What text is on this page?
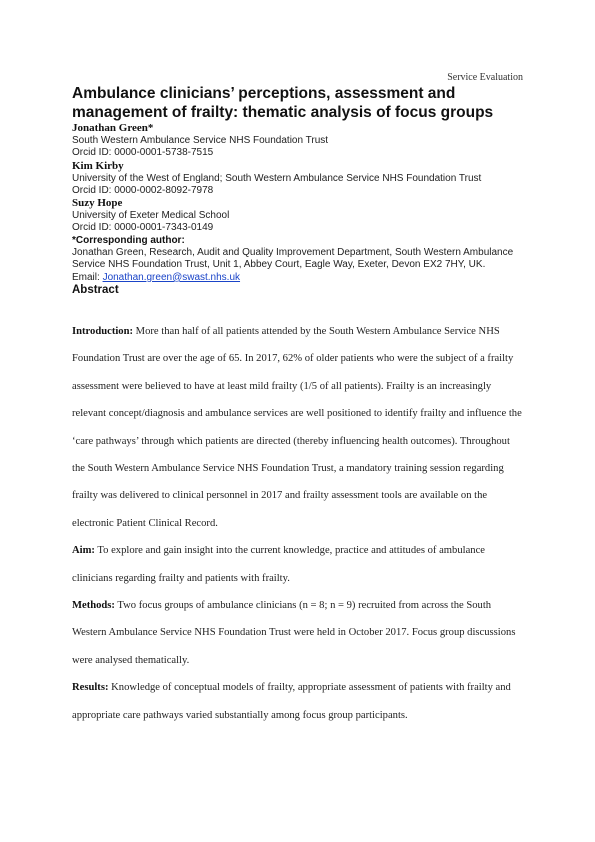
Service Evaluation
Ambulance clinicians’ perceptions, assessment and management of frailty: thematic analysis of focus groups
Jonathan Green*
South Western Ambulance Service NHS Foundation Trust
Orcid ID: 0000-0001-5738-7515
Kim Kirby
University of the West of England; South Western Ambulance Service NHS Foundation Trust
Orcid ID: 0000-0002-8092-7978
Suzy Hope
University of Exeter Medical School
Orcid ID: 0000-0001-7343-0149
*Corresponding author:
Jonathan Green, Research, Audit and Quality Improvement Department, South Western Ambulance Service NHS Foundation Trust, Unit 1, Abbey Court, Eagle Way, Exeter, Devon EX2 7HY, UK.
Email: Jonathan.green@swast.nhs.uk
Abstract

Introduction: More than half of all patients attended by the South Western Ambulance Service NHS Foundation Trust are over the age of 65. In 2017, 62% of older patients who were the subject of a frailty assessment were believed to have at least mild frailty (1/5 of all patients). Frailty is an increasingly relevant concept/diagnosis and ambulance services are well positioned to identify frailty and influence the ‘care pathways’ through which patients are directed (thereby influencing health outcomes). Throughout the South Western Ambulance Service NHS Foundation Trust, a mandatory training session regarding frailty was delivered to clinical personnel in 2017 and frailty assessment tools are available on the electronic Patient Clinical Record.

Aim: To explore and gain insight into the current knowledge, practice and attitudes of ambulance clinicians regarding frailty and patients with frailty.

Methods: Two focus groups of ambulance clinicians (n = 8; n = 9) recruited from across the South Western Ambulance Service NHS Foundation Trust were held in October 2017. Focus group discussions were analysed thematically.

Results: Knowledge of conceptual models of frailty, appropriate assessment of patients with frailty and appropriate care pathways varied substantially among focus group participants.
